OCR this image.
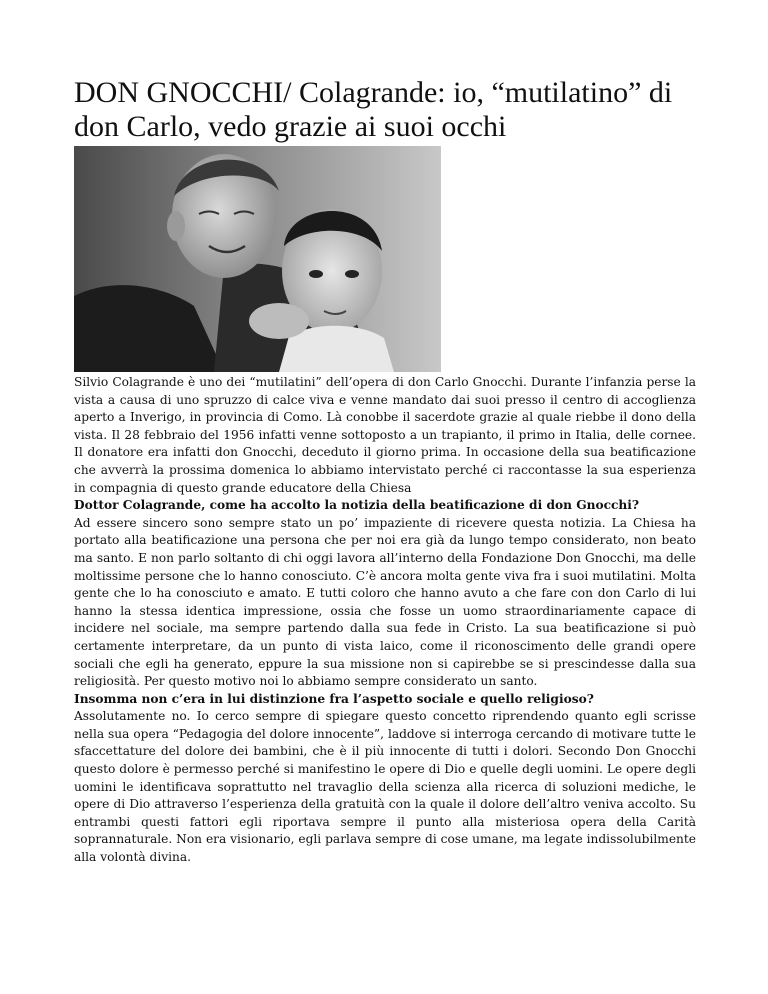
DON GNOCCHI/ Colagrande: io, “mutilatino” di don Carlo, vedo grazie ai suoi occhi

Silvio Colagrande è uno dei “mutilatini” dell’opera di don Carlo Gnocchi. Durante l’infanzia perse la vista a causa di uno spruzzo di calce viva e venne mandato dai suoi presso il centro di accoglienza aperto a Inverigo, in provincia di Como. Là conobbe il sacerdote grazie al quale riebbe il dono della vista. Il 28 febbraio del 1956 infatti venne sottoposto a un trapianto, il primo in Italia, delle cornee. Il donatore era infatti don Gnocchi, deceduto il giorno prima. In occasione della sua beatificazione che avverrà la prossima domenica lo abbiamo intervistato perché ci raccontasse la sua esperienza in compagnia di questo grande educatore della Chiesa

Dottor Colagrande, come ha accolto la notizia della beatificazione di don Gnocchi?

Ad essere sincero sono sempre stato un po’ impaziente di ricevere questa notizia. La Chiesa ha portato alla beatificazione una persona che per noi era già da lungo tempo considerato, non beato ma santo. E non parlo soltanto di chi oggi lavora all’interno della Fondazione Don Gnocchi, ma delle moltissime persone che lo hanno conosciuto. C’è ancora molta gente viva fra i suoi mutilatini. Molta gente che lo ha conosciuto e amato. E tutti coloro che hanno avuto a che fare con don Carlo di lui hanno la stessa identica impressione, ossia che fosse un uomo straordinariamente capace di incidere nel sociale, ma sempre partendo dalla sua fede in Cristo. La sua beatificazione si può certamente interpretare, da un punto di vista laico, come il riconoscimento delle grandi opere sociali che egli ha generato, eppure la sua missione non si capirebbe se si prescindesse dalla sua religiosità. Per questo motivo noi lo abbiamo sempre considerato un santo.

Insomma non c’era in lui distinzione fra l’aspetto sociale e quello religioso?

Assolutamente no. Io cerco sempre di spiegare questo concetto riprendendo quanto egli scrisse nella sua opera “Pedagogia del dolore innocente”, laddove si interroga cercando di motivare tutte le sfaccettature del dolore dei bambini, che è il più innocente di tutti i dolori. Secondo Don Gnocchi questo dolore è permesso perché si manifestino le opere di Dio e quelle degli uomini. Le opere degli uomini le identificava soprattutto nel travaglio della scienza alla ricerca di soluzioni mediche, le opere di Dio attraverso l’esperienza della gratuità con la quale il dolore dell’altro veniva accolto. Su entrambi questi fattori egli riportava sempre il punto alla misteriosa opera della Carità soprannaturale. Non era visionario, egli parlava sempre di cose umane, ma legate indissolubilmente alla volontà divina.
